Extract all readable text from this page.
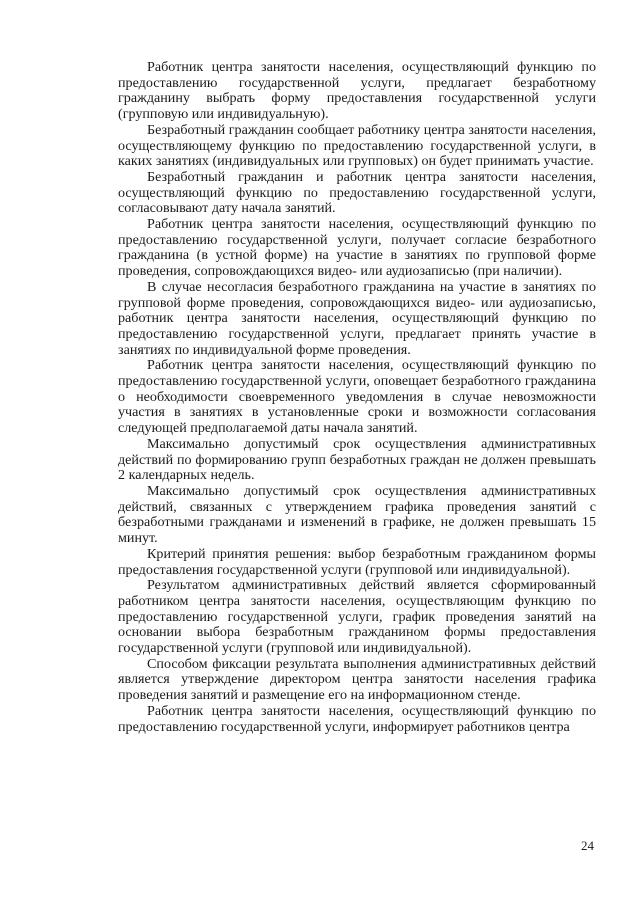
Работник центра занятости населения, осуществляющий функцию по предоставлению государственной услуги, предлагает безработному гражданину выбрать форму предоставления государственной услуги (групповую или индивидуальную).

Безработный гражданин сообщает работнику центра занятости населения, осуществляющему функцию по предоставлению государственной услуги, в каких занятиях (индивидуальных или групповых) он будет принимать участие.

Безработный гражданин и работник центра занятости населения, осуществляющий функцию по предоставлению государственной услуги, согласовывают дату начала занятий.

Работник центра занятости населения, осуществляющий функцию по предоставлению государственной услуги, получает согласие безработного гражданина (в устной форме) на участие в занятиях по групповой форме проведения, сопровождающихся видео- или аудиозаписью (при наличии).

В случае несогласия безработного гражданина на участие в занятиях по групповой форме проведения, сопровождающихся видео- или аудиозаписью, работник центра занятости населения, осуществляющий функцию по предоставлению государственной услуги, предлагает принять участие в занятиях по индивидуальной форме проведения.

Работник центра занятости населения, осуществляющий функцию по предоставлению государственной услуги, оповещает безработного гражданина о необходимости своевременного уведомления в случае невозможности участия в занятиях в установленные сроки и возможности согласования следующей предполагаемой даты начала занятий.

Максимально допустимый срок осуществления административных действий по формированию групп безработных граждан не должен превышать 2 календарных недель.

Максимально допустимый срок осуществления административных действий, связанных с утверждением графика проведения занятий с безработными гражданами и изменений в графике, не должен превышать 15 минут.

Критерий принятия решения: выбор безработным гражданином формы предоставления государственной услуги (групповой или индивидуальной).

Результатом административных действий является сформированный работником центра занятости населения, осуществляющим функцию по предоставлению государственной услуги, график проведения занятий на основании выбора безработным гражданином формы предоставления государственной услуги (групповой или индивидуальной).

Способом фиксации результата выполнения административных действий является утверждение директором центра занятости населения графика проведения занятий и размещение его на информационном стенде.

Работник центра занятости населения, осуществляющий функцию по предоставлению государственной услуги, информирует работников центра

24
